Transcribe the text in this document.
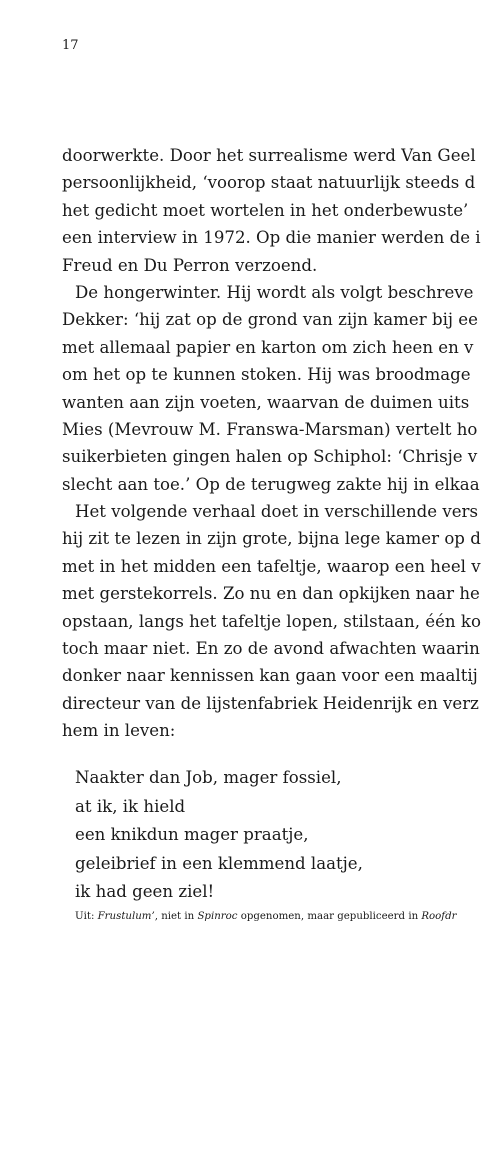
17
doorwerkte. Door het surrealisme werd Van Geel
persoonlijkheid, ‘voorop staat natuurlijk steeds d
het gedicht moet wortelen in het onderbewuste’
een interview in 1972. Op die manier werden de i
Freud en Du Perron verzoend.
De hongerwinter. Hij wordt als volgt beschreve
Dekker: ‘hij zat op de grond van zijn kamer bij ee
met allemaal papier en karton om zich heen en v
om het op te kunnen stoken. Hij was broodmage
wanten aan zijn voeten, waarvan de duimen uits
Mies (Mevrouw M. Franswa-Marsman) vertelt ho
suikerbieten gingen halen op Schiphol: ‘Chrisje v
slecht aan toe.’ Op de terugweg zakte hij in elkaa
Het volgende verhaal doet in verschillende vers
hij zit te lezen in zijn grote, bijna lege kamer op d
met in het midden een tafeltje, waarop een heel v
met gerstekorrels. Zo nu en dan opkijken naar he
opstaan, langs het tafeltje lopen, stilstaan, één ko
toch maar niet. En zo de avond afwachten waarin
donker naar kennissen kan gaan voor een maaltij
directeur van de lijstenfabriek Heidenrijk en verz
hem in leven:
Naakter dan Job, mager fossiel,
at ik, ik hield
een knikdun mager praatje,
geleibrief in een klemmend laatje,
ik had geen ziel!
Uit: Frustulum’, niet in Spinroc opgenomen, maar gepubliceerd in Roofdr
